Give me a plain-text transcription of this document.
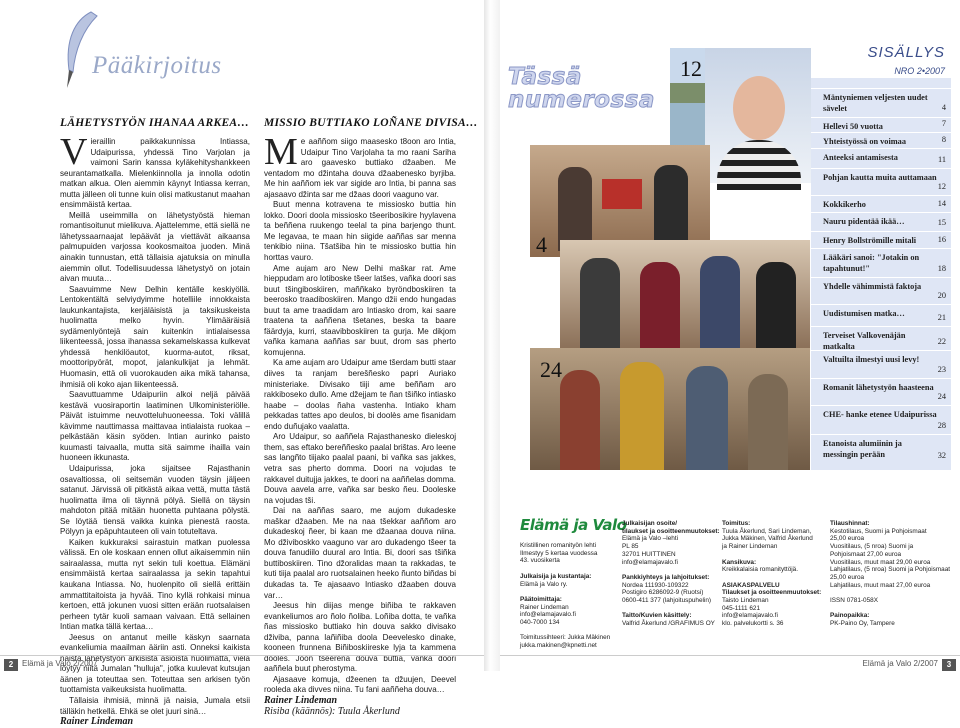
Pääkirjoitus
LÄHETYSTYÖN IHANAA ARKEA… MISSIO BUTTIAKO LOÑANE DIVISA…

Vieraillin paikkakunnissa Intiassa, Udaipurissa, yhdessä Tino Varjolan ja vaimoni Sarin kanssa kyläkehityshankkeen seurantamatkalla. Mielenkiinnolla ja innolla odotin matkan alkua. Olen aiemmin käynyt Intiassa kerran, mutta jälleen oli tunne kuin olisi matkustanut maahan ensimmäistä kertaa.

Meillä useimmilla on lähetystyöstä hieman romantisoitunut mielikuva. Ajattelemme, että siellä ne lähetyssaarnaajat lepäävät ja viettävät aikaansa palmupuiden varjossa kookosmaitoa juoden. Minä ainakin tunnustan, että tällaisia ajatuksia on minulla aiemmin ollut. Todellisuudessa lähetystyö on jotain aivan muuta…

Saavuimme New Delhin kentälle keskiyöllä. Lentokentältä selviydyimme hotelliile innokkaista laukunkantajista, kerjäläisistä ja taksikuskeista huolimatta melko hyvin. Ylimääräisiä sydämenlyöntejä sain kuitenkin intialaisessa liikenteessä, jossa ihanassa sekamelskassa kulkevat yhdessä henkilöautot, kuorma-autot, riksat, moottoripyörät, mopot, jalankulkijat ja lehmät. Huomasin, että oli vuorokauden aika mikä tahansa, ihmisiä oli koko ajan liikenteessä.

Saavuttuamme Udaipuriin alkoi neljä päivää kestävä vuosiraportin laatiminen Ulkoministeriölle. Päivät istuimme neuvotteluhuoneessa. Toki välillä kävimme nauttimassa maittavaa intialaista ruokaa – pelkästään käsin syöden. Intian aurinko paisto kuumasti taivaalla, mutta sitä saimme ihailla vain huoneen ikkunasta.

Udaipurissa, joka sijaitsee Rajasthanin osavaltiossa, oli seitsemän vuoden täysin jäljeen satanut. Järvissä oli pitkästä aikaa vettä, mutta tästä huolimatta ilma oli täynnä pölyä. Siellä on täysin mahdoton pitää mitään huonetta puhtaana pölystä. Se löytää tiensä vaikka kuinka pienestä raosta. Pölyyn ja epäpuhtauteen oli vain totuteltava.

Kaiken kukkuraksi sairastuin matkan puolessa välissä. En ole koskaan ennen ollut aikaisemmin niin sairaalassa, mutta nyt sekin tuli koettua. Elämäni ensimmäistä kertaa sairaalassa ja sekin tapahtui kaukana Intiassa. No, huolenpito oli siellä erittäin ammattitaitoista ja hyvää. Tino kyllä rohkaisi minua kertoen, että jokunen vuosi sitten erään ruotsalaisen perheen tytär kuoli samaan vaivaan. Että sellainen Intian matka tällä kertaa…

Jeesus on antanut meille käskyn saarnata evankeliumia maailman ääriin asti. Onneksi kaikista näistä lähetystyön arkisista asioista huolimatta, vielä löytyy niitä Jumalan "hulluja", jotka kuulevat kutsujan äänen ja toteuttaa sen. Toteuttaa sen arkisen työn tuottamista vaikeuksista huolimatta.

Tällaisia ihmisiä, minnä jä naisia, Jumala etsii tälläkin hetkellä. Ehkä se olet juuri sinä…

Rainer Lindeman

Me aaññom siigo maasesko t8oon aro Intia, Udaipur Tino Varjolaha ta mo raani Sariha aro gaavesko buttiako džaaben. Me ventadom mo džintaha douva džaabenesko byrjiba. Me hin aaññom iek var sigide aro Intia, bi panna sas ajasaavo džinta sar me džaas doori vaaguno var.

Buut menna kotravena te missiosko buttia hin lokko. Doori doola missiosko tšeeribosikire hyylavena ta beññena ruukengo teelal ta pina barjengo thunt. Me legavaa, te maan hin siigide aaññas sar menna tenkibio niina. Tšatšiba hin te missiosko buttia hin horttas vauro.

Ame aujam aro New Delhi maškar rat. Ame hieppudam aro lotiboske tšeer latšes, vañka doori sas buut tšingiboskiiren, maññkako byröndboskiiren ta beerosko traadiboskiiren. Mango džii endo hungadas buut ta ame traadidam aro Intiasko drom, kai saare traatena ta aaññena tšetanes, beska ta baare fäärdyja, kurri, staavibboskiiren ta gurja. Me dikjom vañka kamana aaññas sar buut, drom sas pherto komujenna.

Ka ame aujam aro Udaipur ame tšerdam butti staar diives ta ranjam berešñesko papri Auriako ministeriake. Divisako tiiji ame beññam aro rakkiboseko dullo. Ame džejjam te ñan tšiñko intiasko haabe – doolas ñaha vastenha. Intiako kham pekkadas tattes apo deulos, bi doolès ame fisanidam endo duñujako vaalatta.

Aro Udaipur, so aaññela Rajasthanesko dieleskoj them, sas eftako bereññesko paalal brištas. Aro leene sas langñto tiijako paalal paani, bi vañka sas jakkes, vetra sas pherto domma. Doori na vojudas te rakkavel duitujja jakkes, te doori na aaññelas domma. Douva aavela arre, vañka sar besko ñeu. Dooleske na vojudas tši.

Dai na aaññas saaro, me aujom dukadeske maškar džaaben. Me na naa tšekkar aaññom aro dukadeskoj ñeer, bi kaan me džaanaa douva niina. Mo dživiboskko vaaguno var aro dukadengo tšeer ta douva fanudiilo duural aro Intia. Bi, doori sas tšiñka buttiboskiiren. Tino džoralidas maan ta rakkadas, te kuti tiija paalal aro ruotsalainen heeko ñunto biñdas bi dukadas ta. Te ajasaavo Intiasko džaaben douva var…

Jeesus hin diijas menge biñiba te rakkaven evankeliumos aro ñolo ñoliba. Loñiba dotta, te vañka ñas missiosko buttiako hin douva sakko divisako dživiba, panna lañiñiba doola Deevelesko dinake, kooneen frunnena Biñiboskiireske lyja ta kammena dooles. Joon tšeerena douva buttia, vañka doori aaññela buut pherostyma.

Ajasaave komuja, džeenen ta džuujen, Deevel rooleda aka divves niina. Tu fani aaññeha douva…

Rainer Lindeman

Risiba (käännös): Tuula Åkerlund

2	Elämä ja Valo 2/2007
Tässä
numerossa
12
4
24
SISÄLLYS
NRO 2•2007
Mäntyniemen veljesten uudet sävelet	4
Hellevi 50 vuotta	7
Yhteistyössä on voimaa	8
Anteeksi antamisesta	11
Pohjan kautta muita auttamaan
12
Kokkikerho	14
Nauru pidentää ikää…	15
Henry Bollströmille mitali	16
Lääkäri sanoi: "Jotakin on tapahtunut!"	18
Yhdelle vähimmistä faktoja
20
Uudistumisen matka…	21
Terveiset Valkovenäjän matkalta
22
Valtuilta ilmestyi uusi levy!
23
Romanit lähetystyön haasteena
24
CHE- hanke etenee Udaipurissa
28
Etanoista alumiinin ja messingin perään	32
Elämä ja Valo
Kristillinen romanityön lehti
Ilmestyy 5 kertaa vuodessa
43. vuosikerta

Julkaisija ja kustantaja:
Elämä ja Valo ry.

Päätoimittaja:
Rainer Lindeman
info@elamajavalo.fi
040-7000 134

Toimitussihteeri: Jukka Mäkinen
jukka.makinen@kpnetti.net
Julkaisijan osoite/
tilaukset ja osoitteenmuutokset:
Elämä ja Valo –lehti
PL 85
32701 HUITTINEN
info@elamajavalo.fi

Pankkiyhteys ja lahjoitukset:
Nordea 111930-109322
Postigiro 6286092-9 (Ruotsi)
0600-411 377 (lahjoituspuhelin)

Taitto/Kuvien käsittely:
Valfrid Åkerlund /GRAFIMUS OY
Toimitus:
Tuula Åkerlund, Sari Lindeman,
Jukka Mäkinen, Valfrid Åkerlund
ja Rainer Lindeman

Kansikuva:
Kreikkalaisia romanityttöjä.

ASIAKASPALVELU
Tilaukset ja osoitteenmuutokset:
Taisto Lindeman
045-1111 621
info@elamajavalo.fi
klo. palvelukortti s. 36
Tilaushinnat:
Kestotilaus, Suomi ja Pohjoismaat
25,00 euroa
Vuositilaus, (5 nroa) Suomi ja
Pohjoismaat 27,00 euroa
Vuositilaus, muut maat 29,00 euroa
Lahjatilaus, (5 nroa) Suomi ja Pohjoismaat 25,00 euroa
Lahjatilaus, muut maat 27,00 euroa

ISSN 0781-058X

Painopaikka:
PK-Paino Oy, Tampere
Elämä ja Valo 2/2007	3
